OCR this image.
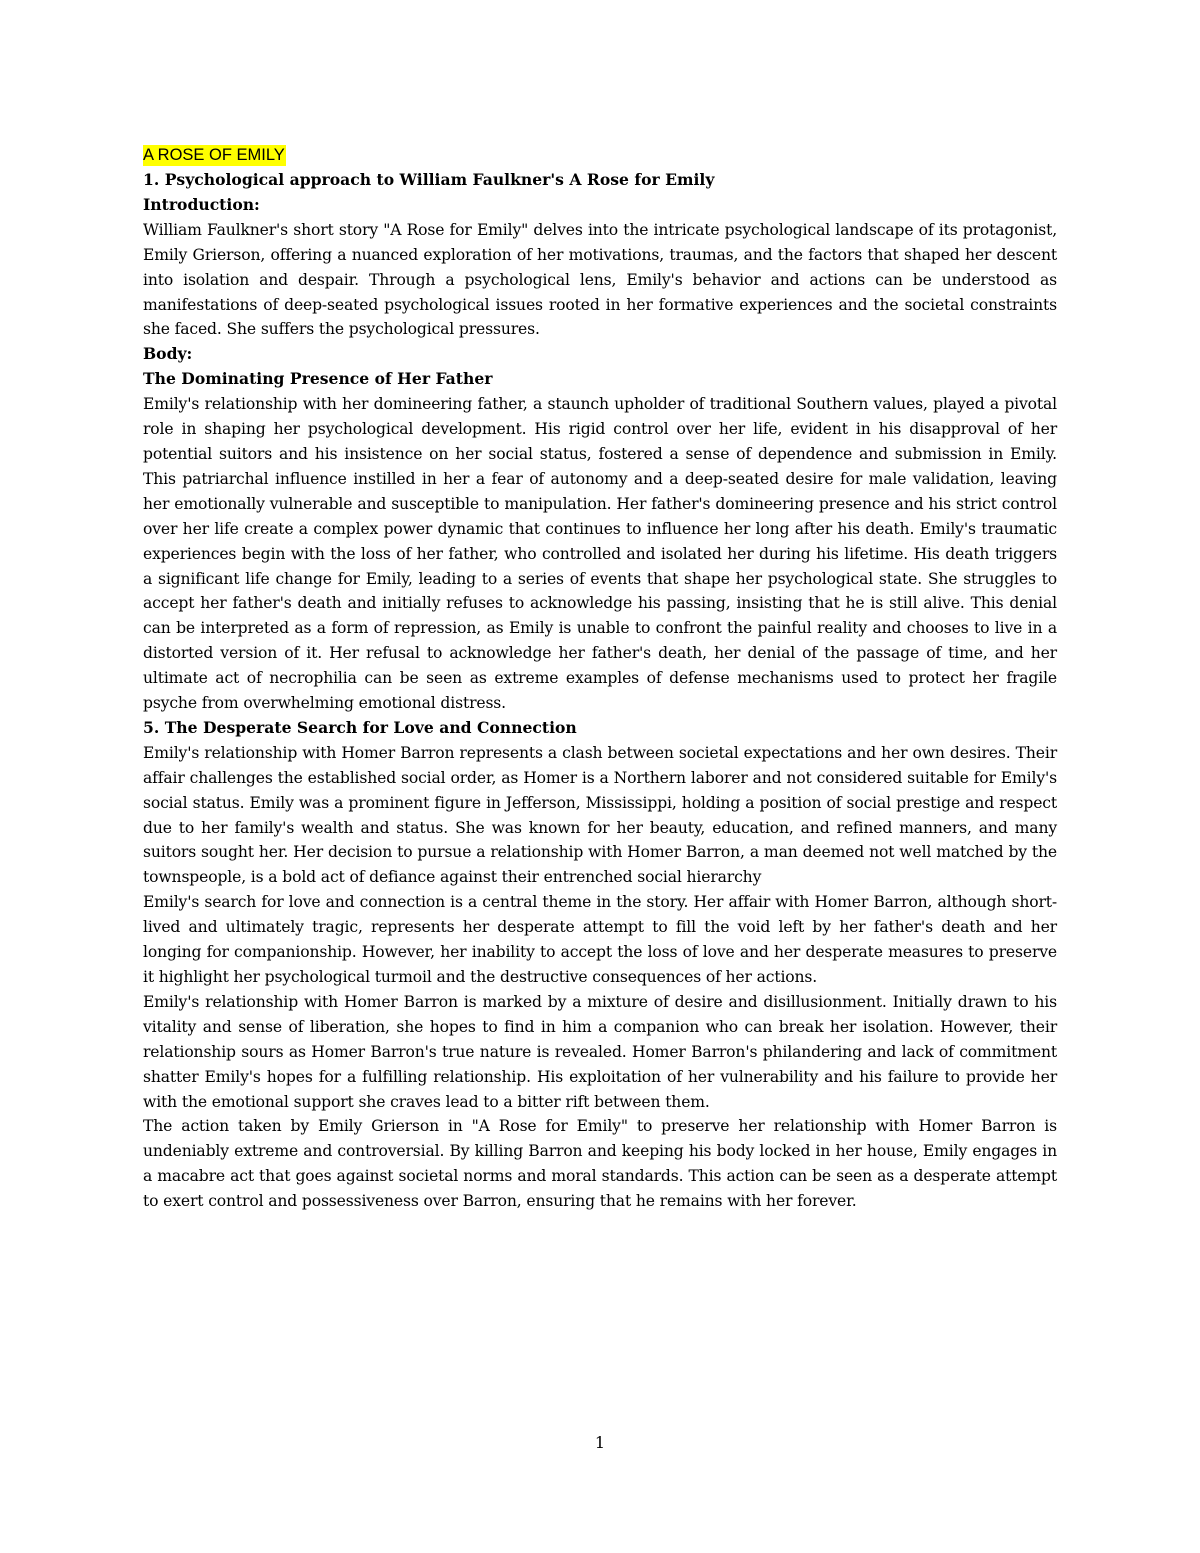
A ROSE OF EMILY

1. Psychological approach to William Faulkner's A Rose for Emily

Introduction:

William Faulkner's short story "A Rose for Emily" delves into the intricate psychological landscape of its protagonist, Emily Grierson, offering a nuanced exploration of her motivations, traumas, and the factors that shaped her descent into isolation and despair. Through a psychological lens, Emily's behavior and actions can be understood as manifestations of deep-seated psychological issues rooted in her formative experiences and the societal constraints she faced. She suffers the psychological pressures.

Body:

The Dominating Presence of Her Father

Emily's relationship with her domineering father, a staunch upholder of traditional Southern values, played a pivotal role in shaping her psychological development. His rigid control over her life, evident in his disapproval of her potential suitors and his insistence on her social status, fostered a sense of dependence and submission in Emily. This patriarchal influence instilled in her a fear of autonomy and a deep-seated desire for male validation, leaving her emotionally vulnerable and susceptible to manipulation. Her father's domineering presence and his strict control over her life create a complex power dynamic that continues to influence her long after his death. Emily's traumatic experiences begin with the loss of her father, who controlled and isolated her during his lifetime. His death triggers a significant life change for Emily, leading to a series of events that shape her psychological state. She struggles to accept her father's death and initially refuses to acknowledge his passing, insisting that he is still alive. This denial can be interpreted as a form of repression, as Emily is unable to confront the painful reality and chooses to live in a distorted version of it. Her refusal to acknowledge her father's death, her denial of the passage of time, and her ultimate act of necrophilia can be seen as extreme examples of defense mechanisms used to protect her fragile psyche from overwhelming emotional distress.

5. The Desperate Search for Love and Connection

Emily's relationship with Homer Barron represents a clash between societal expectations and her own desires. Their affair challenges the established social order, as Homer is a Northern laborer and not considered suitable for Emily's social status. Emily was a prominent figure in Jefferson, Mississippi, holding a position of social prestige and respect due to her family's wealth and status. She was known for her beauty, education, and refined manners, and many suitors sought her. Her decision to pursue a relationship with Homer Barron, a man deemed not well matched by the townspeople, is a bold act of defiance against their entrenched social hierarchy

Emily's search for love and connection is a central theme in the story. Her affair with Homer Barron, although short-lived and ultimately tragic, represents her desperate attempt to fill the void left by her father's death and her longing for companionship. However, her inability to accept the loss of love and her desperate measures to preserve it highlight her psychological turmoil and the destructive consequences of her actions.

Emily's relationship with Homer Barron is marked by a mixture of desire and disillusionment. Initially drawn to his vitality and sense of liberation, she hopes to find in him a companion who can break her isolation. However, their relationship sours as Homer Barron's true nature is revealed. Homer Barron's philandering and lack of commitment shatter Emily's hopes for a fulfilling relationship. His exploitation of her vulnerability and his failure to provide her with the emotional support she craves lead to a bitter rift between them.

The action taken by Emily Grierson in "A Rose for Emily" to preserve her relationship with Homer Barron is undeniably extreme and controversial. By killing Barron and keeping his body locked in her house, Emily engages in a macabre act that goes against societal norms and moral standards. This action can be seen as a desperate attempt to exert control and possessiveness over Barron, ensuring that he remains with her forever.

1
